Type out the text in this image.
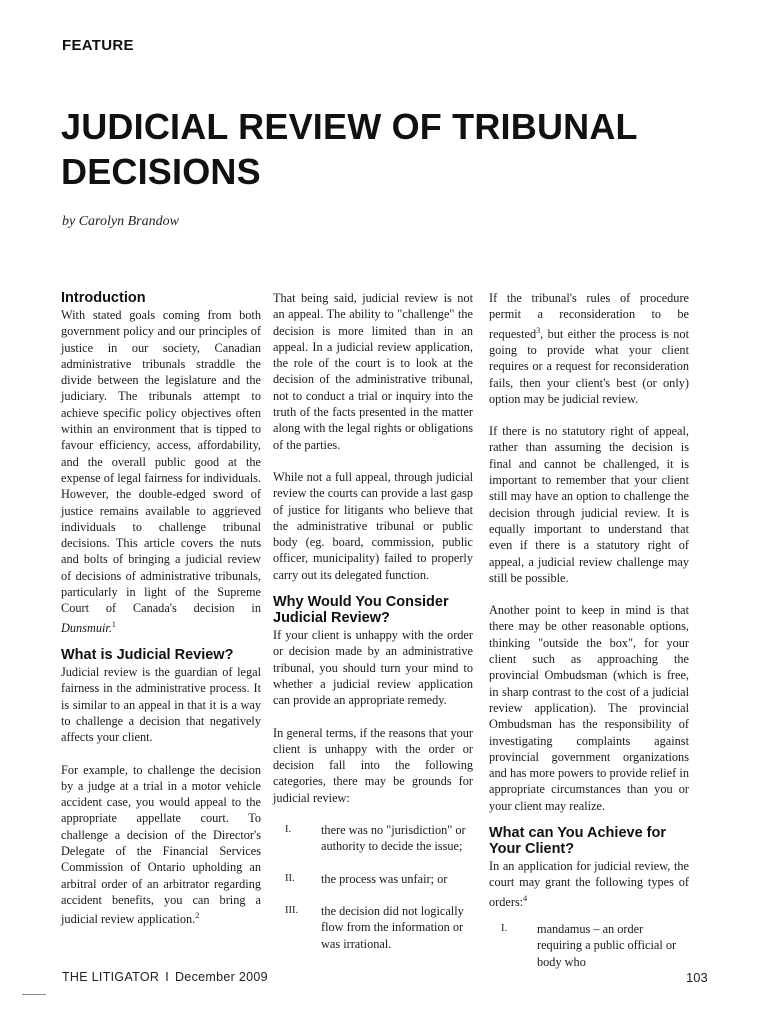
FEATURE
JUDICIAL REVIEW OF TRIBUNAL
DECISIONS
by Carolyn Brandow
Introduction

With stated goals coming from both government policy and our principles of justice in our society, Canadian administrative tribunals straddle the divide between the legislature and the judiciary. The tribunals attempt to achieve specific policy objectives often within an environment that is tipped to favour efficiency, access, affordability, and the overall public good at the expense of legal fairness for individuals. However, the double-edged sword of justice remains available to aggrieved individuals to challenge tribunal decisions. This article covers the nuts and bolts of bringing a judicial review of decisions of administrative tribunals, particularly in light of the Supreme Court of Canada's decision in Dunsmuir.$^1$

What is Judicial Review?

Judicial review is the guardian of legal fairness in the administrative process. It is similar to an appeal in that it is a way to challenge a decision that negatively affects your client.

For example, to challenge the decision by a judge at a trial in a motor vehicle accident case, you would appeal to the appropriate appellate court. To challenge a decision of the Director's Delegate of the Financial Services Commission of Ontario upholding an arbitral order of an arbitrator regarding accident benefits, you can bring a judicial review application.$^2$

That being said, judicial review is not an appeal. The ability to "challenge" the decision is more limited than in an appeal. In a judicial review application, the role of the court is to look at the decision of the administrative tribunal, not to conduct a trial or inquiry into the truth of the facts presented in the matter along with the legal rights or obligations of the parties.

While not a full appeal, through judicial review the courts can provide a last gasp of justice for litigants who believe that the administrative tribunal or public body (eg. board, commission, public officer, municipality) failed to properly carry out its delegated function.

Why Would You Consider Judicial Review?

If your client is unhappy with the order or decision made by an administrative tribunal, you should turn your mind to whether a judicial review application can provide an appropriate remedy.

In general terms, if the reasons that your client is unhappy with the order or decision fall into the following categories, there may be grounds for judicial review:

I.	there was no "jurisdiction" or authority to decide the issue;
II.	the process was unfair; or
III.	the decision did not logically flow from the information or was irrational.

If the tribunal's rules of procedure permit a reconsideration to be requested$^3$, but either the process is not going to provide what your client requires or a request for reconsideration fails, then your client's best (or only) option may be judicial review.

If there is no statutory right of appeal, rather than assuming the decision is final and cannot be challenged, it is important to remember that your client still may have an option to challenge the decision through judicial review. It is equally important to understand that even if there is a statutory right of appeal, a judicial review challenge may still be possible.

Another point to keep in mind is that there may be other reasonable options, thinking "outside the box", for your client such as approaching the provincial Ombudsman (which is free, in sharp contrast to the cost of a judicial review application). The provincial Ombudsman has the responsibility of investigating complaints against provincial government organizations and has more powers to provide relief in appropriate circumstances than you or your client may realize.

What can You Achieve for Your Client?

In an application for judicial review, the court may grant the following types of orders:$^4$

I.	mandamus – an order requiring a public official or body who
THE LITIGATOR I December 2009	103
